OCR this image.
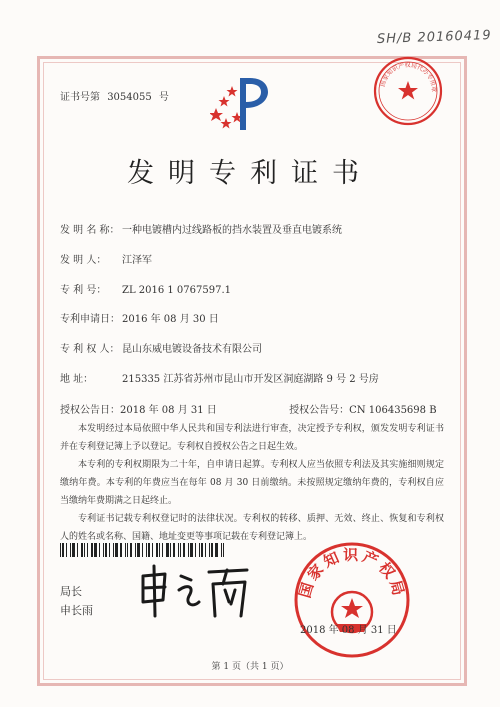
SH/B 20160419
证书号第 3054055 号
国家知识产权局代办专用章
发明专利证书
发 明 名 称： 一种电镀槽内过线路板的挡水装置及垂直电镀系统
发 明 人： 江泽军
专 利 号： ZL 2016 1 0767597.1
专利申请日： 2016 年 08 月 30 日
专 利 权 人： 昆山东威电镀设备技术有限公司
地 址：	215335 江苏省苏州市昆山市开发区洞庭湖路 9 号 2 号房
授权公告日：2018 年 08 月 31 日	授权公告号：CN 106435698 B

本发明经过本局依照中华人民共和国专利法进行审查，决定授予专利权，颁发发明专利证书并在专利登记簿上予以登记。专利权自授权公告之日起生效。

本专利的专利权期限为二十年，自申请日起算。专利权人应当依照专利法及其实施细则规定缴纳年费。本专利的年费应当在每年 08 月 30 日前缴纳。未按照规定缴纳年费的，专利权自应当缴纳年费期满之日起终止。

专利证书记载专利权登记时的法律状况。专利权的转移、质押、无效、终止、恢复和专利权人的姓名或名称、国籍、地址变更等事项记载在专利登记簿上。

局长
申长雨
国家知识产权局
2018 年 08 月 31 日
第 1 页（共 1 页）
